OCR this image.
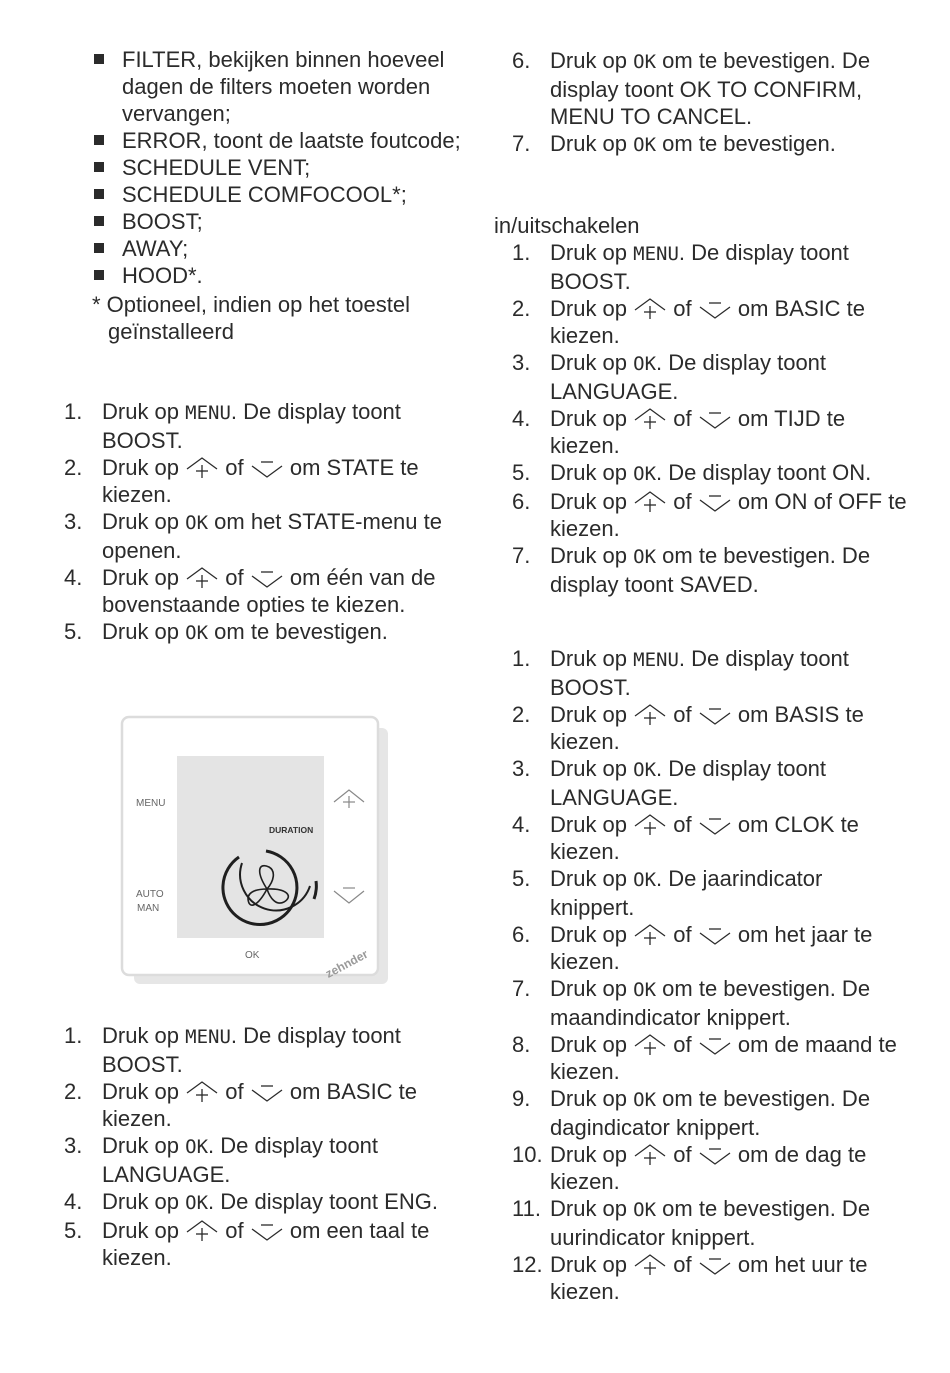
FILTER, bekijken binnen hoeveel dagen de filters moeten worden vervangen;
ERROR, toont de laatste foutcode;
SCHEDULE VENT;
SCHEDULE COMFOCOOL*;
BOOST;
AWAY;
HOOD*.
* Optioneel, indien op het toestel
geïnstalleerd
1. Druk op MENU. De display toont BOOST.
2. Druk op  of  om STATE te kiezen.
3. Druk op OK om het STATE-menu te openen.
4. Druk op  of  om één van de bovenstaande opties te kiezen.
5. Druk op OK om te bevestigen.
MENU
AUTO
MAN
DURATION
OK	zehnder
1. Druk op MENU. De display toont BOOST.
2. Druk op  of  om BASIC te kiezen.
3. Druk op OK. De display toont LANGUAGE.
4. Druk op OK. De display toont ENG.
5. Druk op  of  om een taal te kiezen.
6. Druk op OK om te bevestigen. De display toont OK TO CONFIRM, MENU TO CANCEL.
7. Druk op OK om te bevestigen.
in/uitschakelen
1. Druk op MENU. De display toont BOOST.
2. Druk op  of  om BASIC te kiezen.
3. Druk op OK. De display toont LANGUAGE.
4. Druk op  of  om TIJD te kiezen.
5. Druk op OK. De display toont ON.
6. Druk op  of  om ON of OFF te kiezen.
7. Druk op OK om te bevestigen. De display toont SAVED.
1. Druk op MENU. De display toont BOOST.
2. Druk op  of  om BASIS te kiezen.
3. Druk op OK. De display toont LANGUAGE.
4. Druk op  of  om CLOK te kiezen.
5. Druk op OK. De jaarindicator knippert.
6. Druk op  of  om het jaar te kiezen.
7. Druk op OK om te bevestigen. De maandindicator knippert.
8. Druk op  of  om de maand te kiezen.
9. Druk op OK om te bevestigen. De dagindicator knippert.
10. Druk op  of  om de dag te kiezen.
11. Druk op OK om te bevestigen. De uurindicator knippert.
12. Druk op  of  om het uur te kiezen.
